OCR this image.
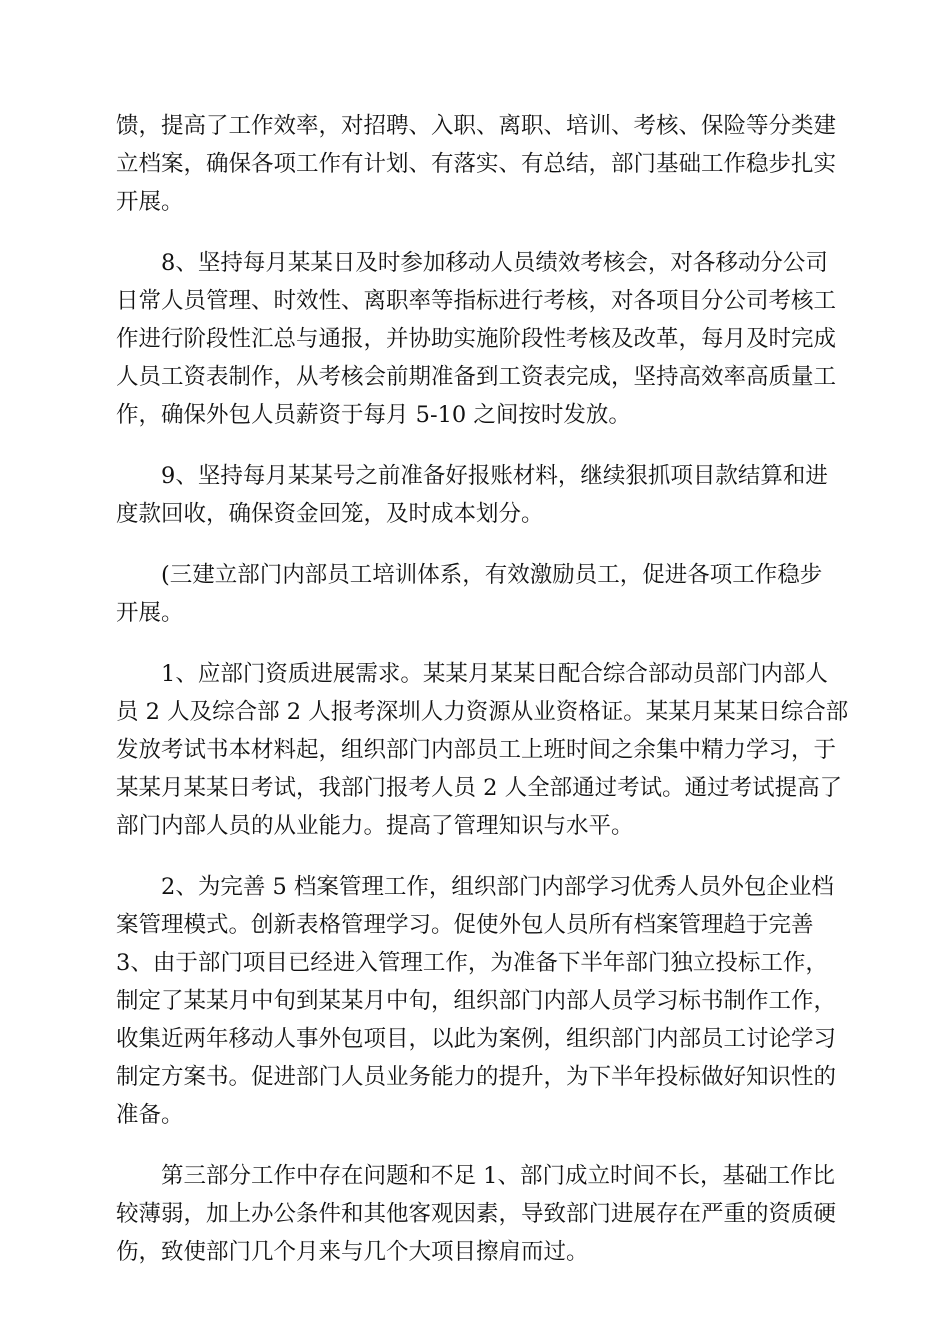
馈，提高了工作效率，对招聘、入职、离职、培训、考核、保险等分类建
立档案，确保各项工作有计划、有落实、有总结，部门基础工作稳步扎实
开展。
8、坚持每月某某日及时参加移动人员绩效考核会，对各移动分公司
日常人员管理、时效性、离职率等指标进行考核，对各项目分公司考核工
作进行阶段性汇总与通报，并协助实施阶段性考核及改革，每月及时完成
人员工资表制作，从考核会前期准备到工资表完成，坚持高效率高质量工
作，确保外包人员薪资于每月 5-10 之间按时发放。
9、坚持每月某某号之前准备好报账材料，继续狠抓项目款结算和进
度款回收，确保资金回笼，及时成本划分。
(三建立部门内部员工培训体系，有效激励员工，促进各项工作稳步
开展。
1、应部门资质进展需求。某某月某某日配合综合部动员部门内部人
员 2 人及综合部 2 人报考深圳人力资源从业资格证。某某月某某日综合部
发放考试书本材料起，组织部门内部员工上班时间之余集中精力学习，于
某某月某某日考试，我部门报考人员 2 人全部通过考试。通过考试提高了
部门内部人员的从业能力。提高了管理知识与水平。
2、为完善 5 档案管理工作，组织部门内部学习优秀人员外包企业档
案管理模式。创新表格管理学习。促使外包人员所有档案管理趋于完善
3、由于部门项目已经进入管理工作，为准备下半年部门独立投标工作，
制定了某某月中旬到某某月中旬，组织部门内部人员学习标书制作工作，
收集近两年移动人事外包项目，以此为案例，组织部门内部员工讨论学习
制定方案书。促进部门人员业务能力的提升，为下半年投标做好知识性的
准备。
第三部分工作中存在问题和不足 1、部门成立时间不长，基础工作比
较薄弱，加上办公条件和其他客观因素，导致部门进展存在严重的资质硬
伤，致使部门几个月来与几个大项目擦肩而过。
